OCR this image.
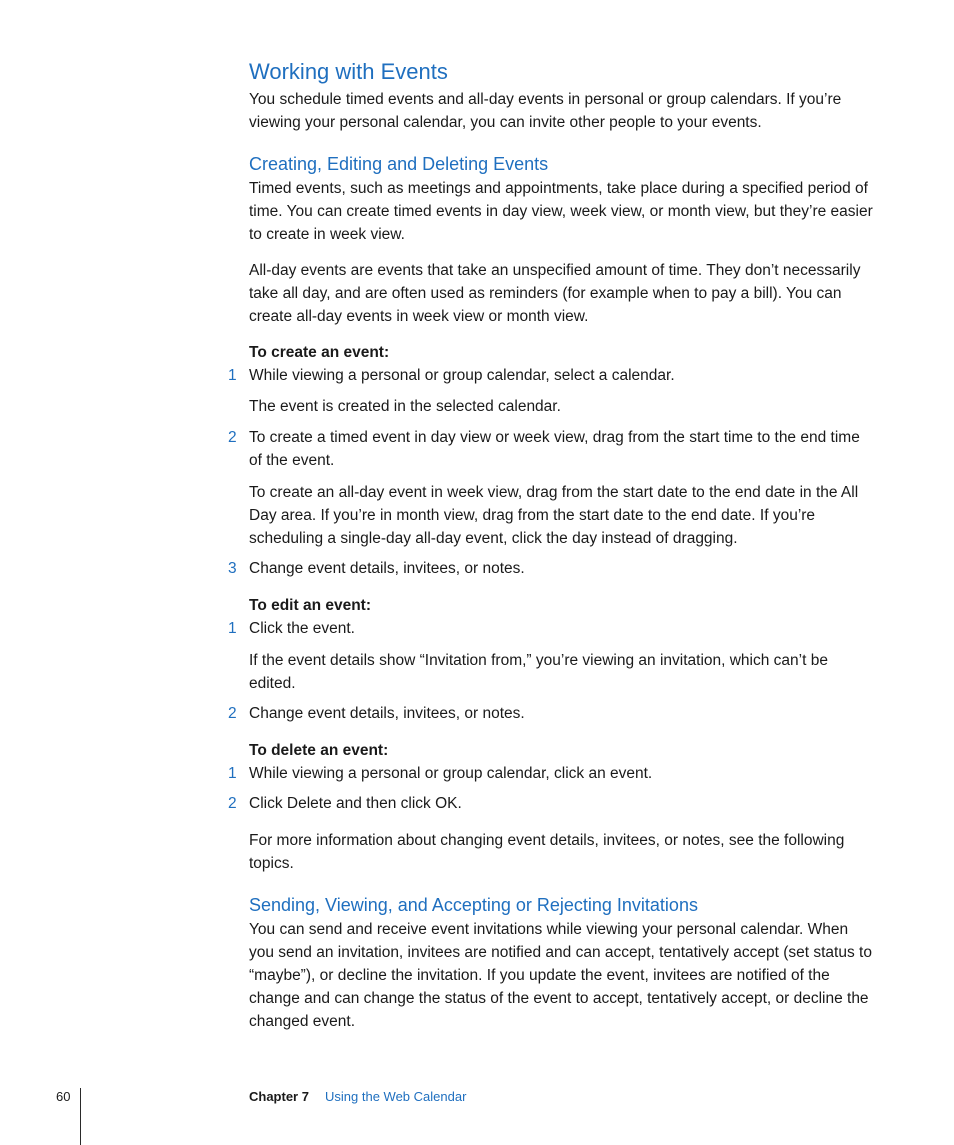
Working with Events

You schedule timed events and all-day events in personal or group calendars. If you’re viewing your personal calendar, you can invite other people to your events.

Creating, Editing and Deleting Events

Timed events, such as meetings and appointments, take place during a specified period of time. You can create timed events in day view, week view, or month view, but they’re easier to create in week view.

All-day events are events that take an unspecified amount of time. They don’t necessarily take all day, and are often used as reminders (for example when to pay a bill). You can create all-day events in week view or month view.

To create an event:

1 While viewing a personal or group calendar, select a calendar.

The event is created in the selected calendar.

2 To create a timed event in day view or week view, drag from the start time to the end time of the event.

To create an all-day event in week view, drag from the start date to the end date in the All Day area. If you’re in month view, drag from the start date to the end date. If you’re scheduling a single-day all-day event, click the day instead of dragging.

3 Change event details, invitees, or notes.

To edit an event:

1 Click the event.

If the event details show “Invitation from,” you’re viewing an invitation, which can’t be edited.

2 Change event details, invitees, or notes.

To delete an event:

1 While viewing a personal or group calendar, click an event.

2 Click Delete and then click OK.

For more information about changing event details, invitees, or notes, see the following topics.

Sending, Viewing, and Accepting or Rejecting Invitations

You can send and receive event invitations while viewing your personal calendar. When you send an invitation, invitees are notified and can accept, tentatively accept (set status to “maybe”), or decline the invitation. If you update the event, invitees are notified of the change and can change the status of the event to accept, tentatively accept, or decline the changed event.

60	Chapter 7 Using the Web Calendar
